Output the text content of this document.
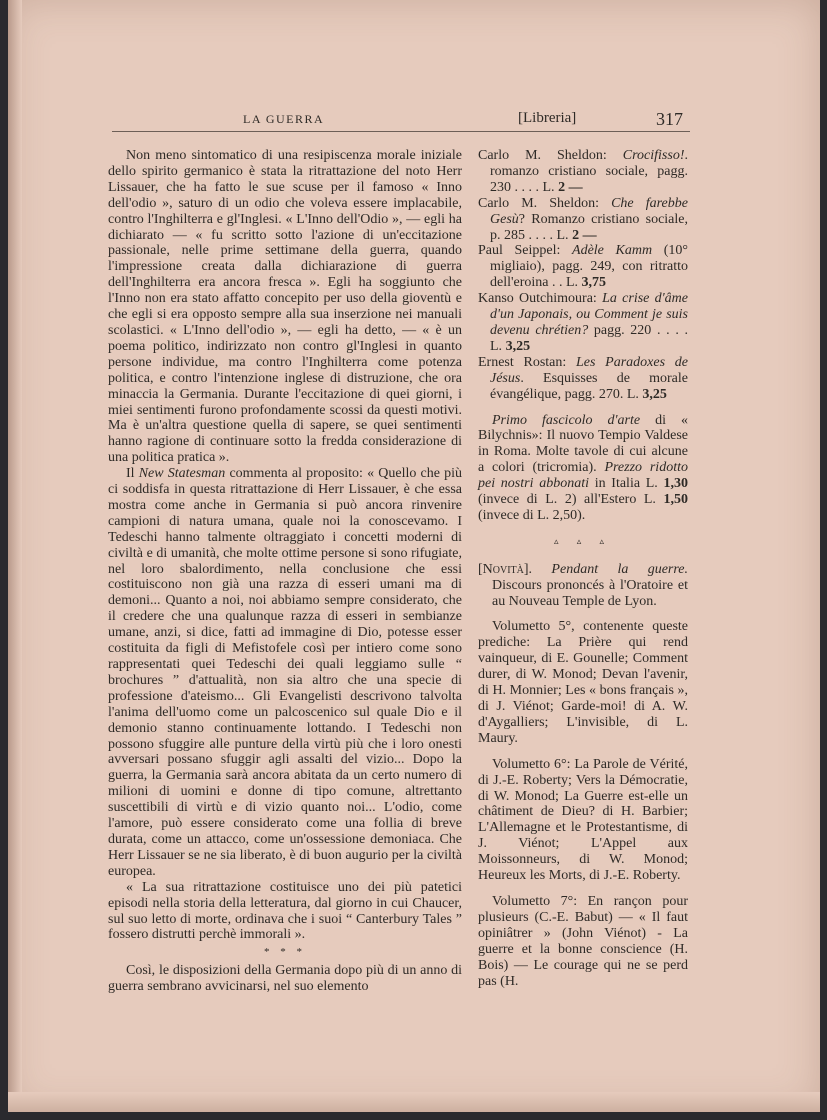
LA GUERRA	[Libreria]	317

Non meno sintomatico di una resipiscenza morale iniziale dello spirito germanico è stata la ritrattazione del noto Herr Lissauer, che ha fatto le sue scuse per il famoso « Inno dell'odio », saturo di un odio che voleva essere implacabile, contro l'Inghilterra e gl'Inglesi. « L'Inno dell'Odio », — egli ha dichiarato — « fu scritto sotto l'azione di un'eccitazione passionale, nelle prime settimane della guerra, quando l'impressione creata dalla dichiarazione di guerra dell'Inghilterra era ancora fresca ». Egli ha soggiunto che l'Inno non era stato affatto concepito per uso della gioventù e che egli si era opposto sempre alla sua inserzione nei manuali scolastici. « L'Inno dell'odio », — egli ha detto, — « è un poema politico, indirizzato non contro gl'Inglesi in quanto persone individue, ma contro l'Inghilterra come potenza politica, e contro l'intenzione inglese di distruzione, che ora minaccia la Germania. Durante l'eccitazione di quei giorni, i miei sentimenti furono profondamente scossi da questi motivi. Ma è un'altra questione quella di sapere, se quei sentimenti hanno ragione di continuare sotto la fredda considerazione di una politica pratica ».

Il New Statesman commenta al proposito: « Quello che più ci soddisfa in questa ritrattazione di Herr Lissauer, è che essa mostra come anche in Germania si può ancora rinvenire campioni di natura umana, quale noi la conoscevamo. I Tedeschi hanno talmente oltraggiato i concetti moderni di civiltà e di umanità, che molte ottime persone si sono rifugiate, nel loro sbalordimento, nella conclusione che essi costituiscono non già una razza di esseri umani ma di demoni... Quanto a noi, noi abbiamo sempre considerato, che il credere che una qualunque razza di esseri in sembianze umane, anzi, si dice, fatti ad immagine di Dio, potesse esser costituita da figli di Mefistofele così per intiero come sono rappresentati quei Tedeschi dei quali leggiamo sulle “ brochures ” d'attualità, non sia altro che una specie di professione d'ateismo... Gli Evangelisti descrivono talvolta l'anima dell'uomo come un palcoscenico sul quale Dio e il demonio stanno continuamente lottando. I Tedeschi non possono sfuggire alle punture della virtù più che i loro onesti avversari possano sfuggir agli assalti del vizio... Dopo la guerra, la Germania sarà ancora abitata da un certo numero di milioni di uomini e donne di tipo comune, altrettanto suscettibili di virtù e di vizio quanto noi... L'odio, come l'amore, può essere considerato come una follia di breve durata, come un attacco, come un'ossessione demoniaca. Che Herr Lissauer se ne sia liberato, è di buon augurio per la civiltà europea.

« La sua ritrattazione costituisce uno dei più patetici episodi nella storia della letteratura, dal giorno in cui Chaucer, sul suo letto di morte, ordinava che i suoi “ Canterbury Tales ” fossero distrutti perchè immorali ».

* * *

Così, le disposizioni della Germania dopo più di un anno di guerra sembrano avvicinarsi, nel suo elemento

Carlo M. Sheldon: Crocifisso!. romanzo cristiano sociale, pagg. 230 . . . . L. 2 —

Carlo M. Sheldon: Che farebbe Gesù? Romanzo cristiano sociale, p. 285 . . . . L. 2 —

Paul Seippel: Adèle Kamm (10° migliaio), pagg. 249, con ritratto dell'eroina . . L. 3,75

Kanso Outchimoura: La crise d'âme d'un Japonais, ou Comment je suis devenu chrétien? pagg. 220 . . . . L. 3,25

Ernest Rostan: Les Paradoxes de Jésus. Esquisses de morale évangélique, pagg. 270. L. 3,25

Primo fascicolo d'arte di « Bilychnis»: Il nuovo Tempio Valdese in Roma. Molte tavole di cui alcune a colori (tricromia). Prezzo ridotto pei nostri abbonati in Italia L. 1,30 (invece di L. 2) all'Estero L. 1,50 (invece di L. 2,50).

▵ ▵ ▵

[Novità]. Pendant la guerre. Discours prononcés à l'Oratoire et au Nouveau Temple de Lyon.

Volumetto 5°, contenente queste prediche: La Prière qui rend vainqueur, di E. Gounelle; Comment durer, di W. Monod; Devan l'avenir, di H. Monnier; Les « bons français », di J. Viénot; Garde-moi! di A. W. d'Aygalliers; L'invisible, di L. Maury.

Volumetto 6°: La Parole de Vérité, di J.-E. Roberty; Vers la Démocratie, di W. Monod; La Guerre est-elle un châtiment de Dieu? di H. Barbier; L'Allemagne et le Protestantisme, di J. Viénot; L'Appel aux Moissonneurs, di W. Monod; Heureux les Morts, di J.-E. Roberty.

Volumetto 7°: En rançon pour plusieurs (C.-E. Babut) — « Il faut opiniâtrer » (John Viénot) - La guerre et la bonne conscience (H. Bois) — Le courage qui ne se perd pas (H.
